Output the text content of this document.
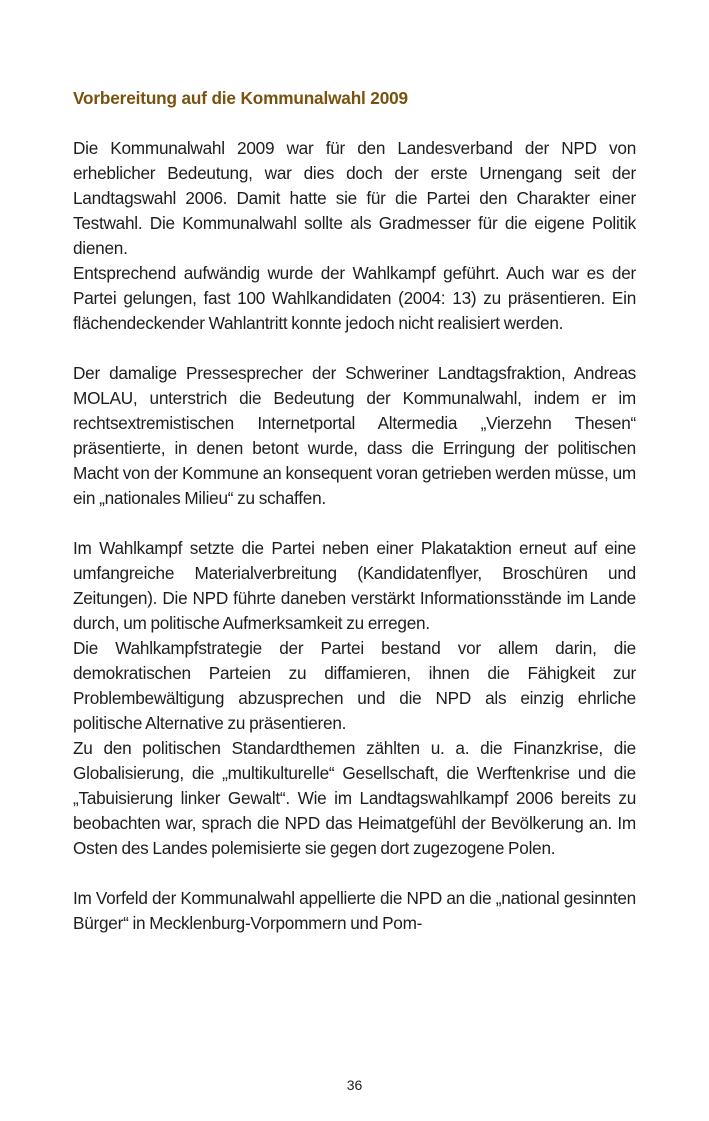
Vorbereitung auf die Kommunalwahl 2009

Die Kommunalwahl 2009 war für den Landesverband der NPD von erheblicher Bedeutung, war dies doch der erste Urnengang seit der Landtagswahl 2006. Damit hatte sie für die Partei den Charakter einer Testwahl. Die Kommunalwahl sollte als Gradmesser für die eigene Politik dienen.

Entsprechend aufwändig wurde der Wahlkampf geführt. Auch war es der Partei gelungen, fast 100 Wahlkandidaten (2004: 13) zu präsentieren. Ein flächendeckender Wahlantritt konnte jedoch nicht realisiert werden.

Der damalige Pressesprecher der Schweriner Landtagsfraktion, Andreas MOLAU, unterstrich die Bedeutung der Kommunalwahl, indem er im rechtsextremistischen Internetportal Altermedia „Vierzehn Thesen“ präsentierte, in denen betont wurde, dass die Erringung der politischen Macht von der Kommune an konsequent voran getrieben werden müsse, um ein „nationales Milieu“ zu schaffen.

Im Wahlkampf setzte die Partei neben einer Plakataktion erneut auf eine umfangreiche Materialverbreitung (Kandidatenflyer, Broschüren und Zeitungen). Die NPD führte daneben verstärkt Informationsstände im Lande durch, um politische Aufmerksamkeit zu erregen.

Die Wahlkampfstrategie der Partei bestand vor allem darin, die demokratischen Parteien zu diffamieren, ihnen die Fähigkeit zur Problembewältigung abzusprechen und die NPD als einzig ehrliche politische Alternative zu präsentieren.

Zu den politischen Standardthemen zählten u. a. die Finanzkrise, die Globalisierung, die „multikulturelle“ Gesellschaft, die Werftenkrise und die „Tabuisierung linker Gewalt“. Wie im Landtagswahlkampf 2006 bereits zu beobachten war, sprach die NPD das Heimatgefühl der Bevölkerung an. Im Osten des Landes polemisierte sie gegen dort zugezogene Polen.

Im Vorfeld der Kommunalwahl appellierte die NPD an die „national gesinnten Bürger“ in Mecklenburg-Vorpommern und Pom-

36
